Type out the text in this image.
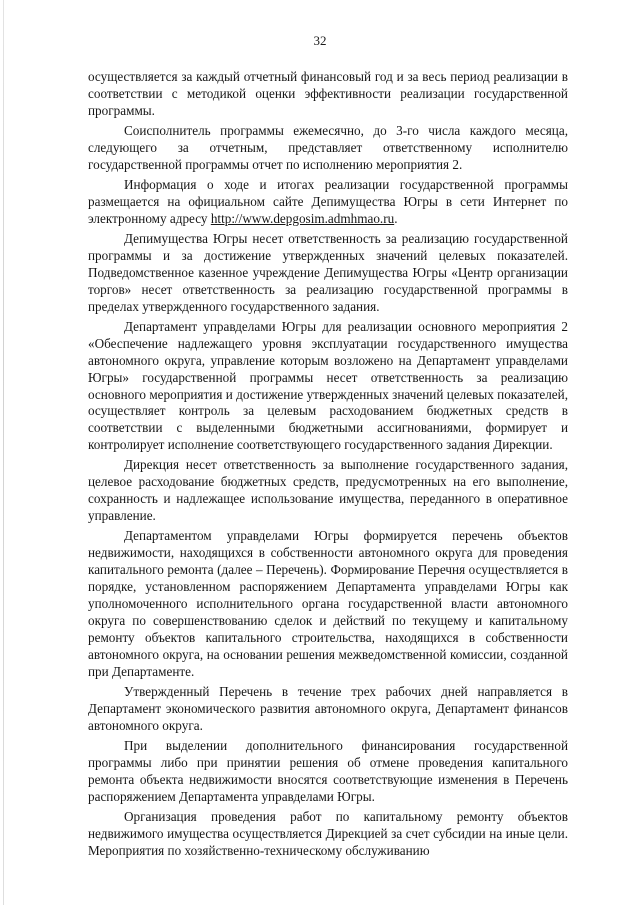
32

осуществляется за каждый отчетный финансовый год и за весь период реализации в соответствии с методикой оценки эффективности реализации государственной программы.

Соисполнитель программы ежемесячно, до 3-го числа каждого месяца, следующего за отчетным, представляет ответственному исполнителю государственной программы отчет по исполнению мероприятия 2.

Информация о ходе и итогах реализации государственной программы размещается на официальном сайте Депимущества Югры в сети Интернет по электронному адресу http://www.depgosim.admhmao.ru.

Депимущества Югры несет ответственность за реализацию государственной программы и за достижение утвержденных значений целевых показателей. Подведомственное казенное учреждение Депимущества Югры «Центр организации торгов» несет ответственность за реализацию государственной программы в пределах утвержденного государственного задания.

Департамент управделами Югры для реализации основного мероприятия 2 «Обеспечение надлежащего уровня эксплуатации государственного имущества автономного округа, управление которым возложено на Департамент управделами Югры» государственной программы несет ответственность за реализацию основного мероприятия и достижение утвержденных значений целевых показателей, осуществляет контроль за целевым расходованием бюджетных средств в соответствии с выделенными бюджетными ассигнованиями, формирует и контролирует исполнение соответствующего государственного задания Дирекции.

Дирекция несет ответственность за выполнение государственного задания, целевое расходование бюджетных средств, предусмотренных на его выполнение, сохранность и надлежащее использование имущества, переданного в оперативное управление.

Департаментом управделами Югры формируется перечень объектов недвижимости, находящихся в собственности автономного округа для проведения капитального ремонта (далее – Перечень). Формирование Перечня осуществляется в порядке, установленном распоряжением Департамента управделами Югры как уполномоченного исполнительного органа государственной власти автономного округа по совершенствованию сделок и действий по текущему и капитальному ремонту объектов капитального строительства, находящихся в собственности автономного округа, на основании решения межведомственной комиссии, созданной при Департаменте.

Утвержденный Перечень в течение трех рабочих дней направляется в Департамент экономического развития автономного округа, Департамент финансов автономного округа.

При выделении дополнительного финансирования государственной программы либо при принятии решения об отмене проведения капитального ремонта объекта недвижимости вносятся соответствующие изменения в Перечень распоряжением Департамента управделами Югры.

Организация проведения работ по капитальному ремонту объектов недвижимого имущества осуществляется Дирекцией за счет субсидии на иные цели. Мероприятия по хозяйственно-техническому обслуживанию
